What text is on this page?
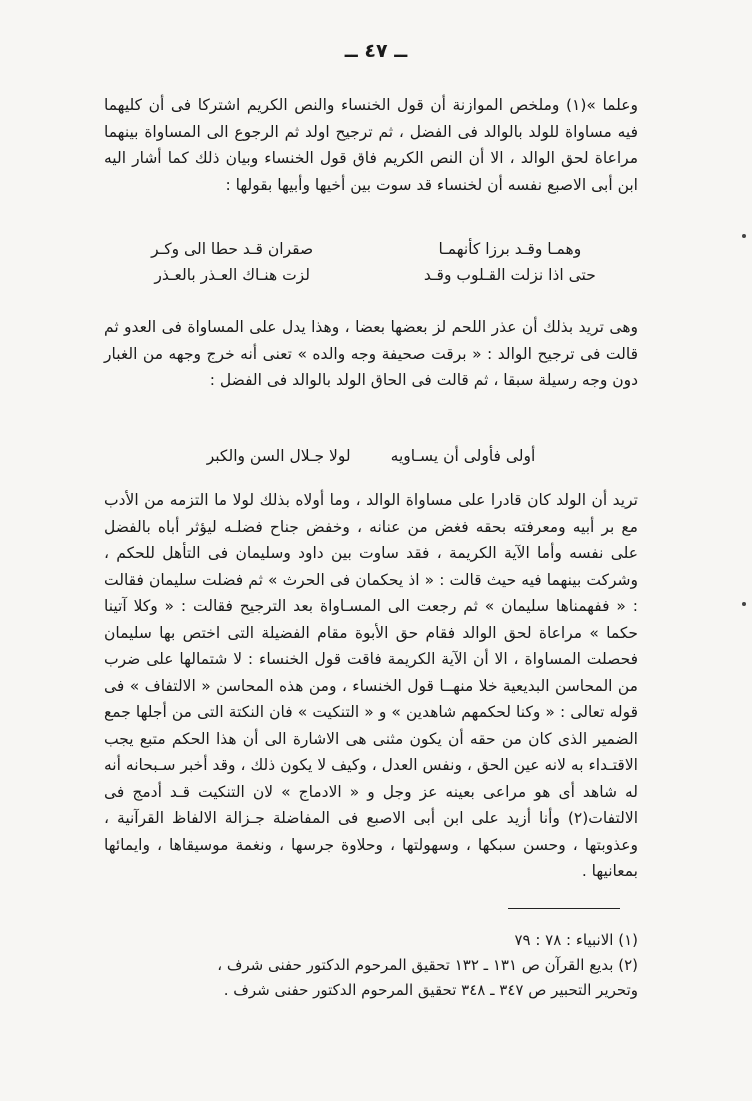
ــ ٤٧ ــ

وعلما »(١) وملخص الموازنة أن قول الخنساء والنص الكريم اشتركا فى أن كليهما فيه مساواة للولد بالوالد فى الفضل ، ثم ترجيح اولد ثم الرجوع الى المساواة بينهما مراعاة لحق الوالد ، الا أن النص الكريم فاق قول الخنساء وبيان ذلك كما أشار اليه ابن أبى الاصبع نفسه أن لخنساء قد سوت بين أخيها وأبيها بقولها :

وهمـا وقـد برزا كأنهمـا
صقران قـد حطا الى وكـر
حتى اذا نزلت القـلوب وقـد
لزت هنـاك العـذر بالعـذر

وهى تريد بذلك أن عذر اللحم لز بعضها بعضا ، وهذا يدل على المساواة فى العدو ثم قالت فى ترجيح الوالد : « برقت صحيفة وجه والده » تعنى أنه خرج وجهه من الغبار دون وجه رسيلة سبقا ، ثم قالت فى الحاق الولد بالوالد فى الفضل :

أولى فأولى أن يسـاويه
لولا جـلال السن والكبر

تريد أن الولد كان قادرا على مساواة الوالد ، وما أولاه بذلك لولا ما التزمه من الأدب مع بر أبيه ومعرفته بحقه فغض من عنانه ، وخفض جناح فضلـه ليؤثر أباه بالفضل على نفسه وأما الآية الكريمة ، فقد ساوت بين داود وسليمان فى التأهل للحكم ، وشركت بينهما فيه حيث قالت : « اذ يحكمان فى الحرث » ثم فضلت سليمان فقالت : « ففهمناها سليمان » ثم رجعت الى المسـاواة بعد الترجيح فقالت : « وكلا آتينا حكما » مراعاة لحق الوالد فقام حق الأبوة مقام الفضيلة التى اختص بها سليمان فحصلت المساواة ، الا أن الآية الكريمة فاقت قول الخنساء : لا شتمالها على ضرب من المحاسن البديعية خلا منهــا قول الخنساء ، ومن هذه المحاسن « الالتفاف » فى قوله تعالى : « وكنا لحكمهم شاهدين » و « التنكيت » فان النكتة التى من أجلها جمع الضمير الذى كان من حقه أن يكون مثنى هى الاشارة الى أن هذا الحكم متبع يجب الاقتـداء به لانه عين الحق ، ونفس العدل ، وكيف لا يكون ذلك ، وقد أخبر سـبحانه أنه له شاهد أى هو مراعى بعينه عز وجل و « الادماج » لان التنكيت قـد أدمج فى الالتفات(٢) وأنا أزيد على ابن أبى الاصبع فى المفاضلة جـزالة الالفاظ القرآنية ، وعذوبتها ، وحسن سبكها ، وسهولتها ، وحلاوة جرسها ، ونغمة موسيقاها ، وايمائها بمعانيها .

(١) الانبياء : ٧٨ : ٧٩
(٢) بديع القرآن ص ١٣١ ـ ١٣٢ تحقيق المرحوم الدكتور حفنى شرف ،
وتحرير التحبير ص ٣٤٧ ـ ٣٤٨ تحقيق المرحوم الدكتور حفنى شرف .
